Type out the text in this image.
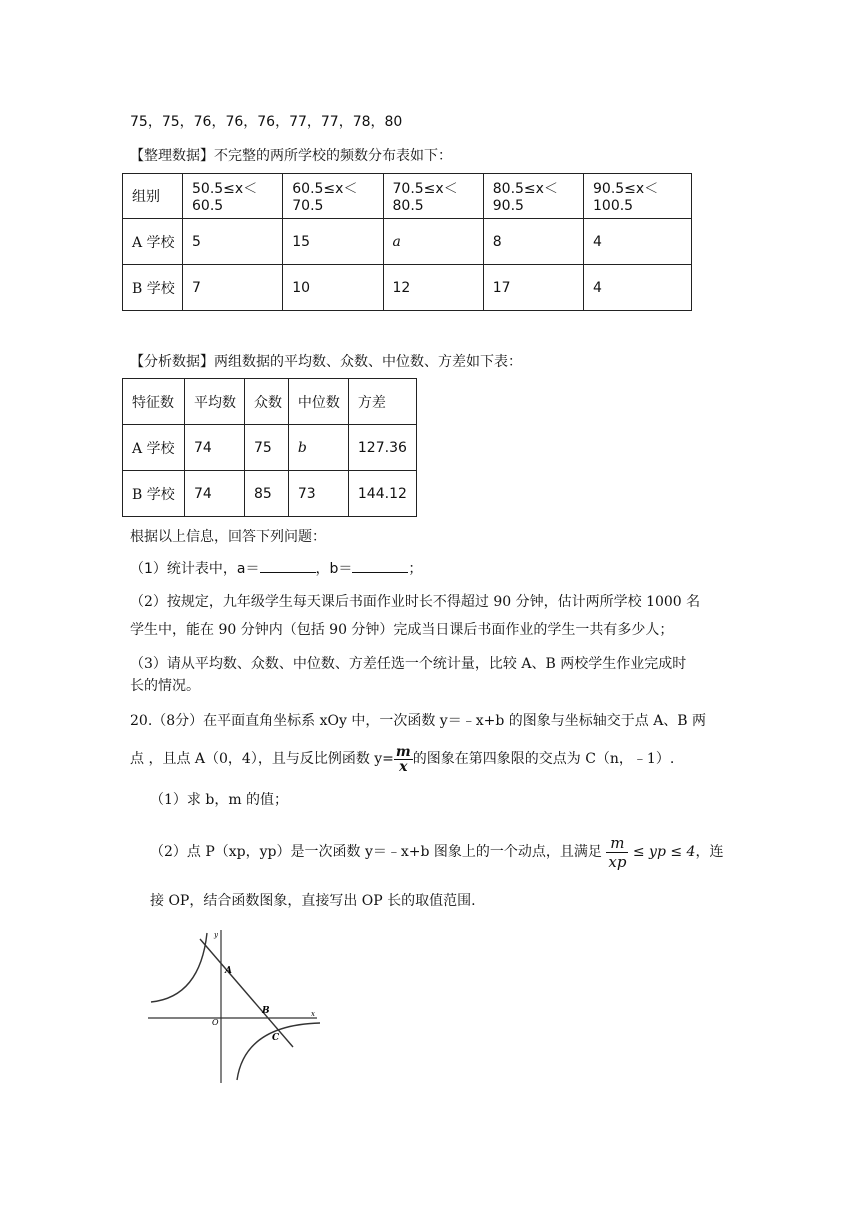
75，75，76，76，76，77，77，78，80
【整理数据】不完整的两所学校的频数分布表如下：
组别	50.5≤x＜60.5	60.5≤x＜70.5	70.5≤x＜80.5	80.5≤x＜90.5	90.5≤x＜100.5
A 学校	5	15	a	8	4
B 学校	7	10	12	17	4
【分析数据】两组数据的平均数、众数、中位数、方差如下表：
特征数	平均数	众数	中位数	方差
A 学校	74	75	b	127.36
B 学校	74	85	73	144.12
根据以上信息，回答下列问题：
（1）统计表中，a＝	，b＝	；
（2）按规定，九年级学生每天课后书面作业时长不得超过 90 分钟，估计两所学校 1000 名
学生中，能在 90 分钟内（包括 90 分钟）完成当日课后书面作业的学生一共有多少人；
（3）请从平均数、众数、中位数、方差任选一个统计量，比较 A、B 两校学生作业完成时
长的情况。
20.（8分）在平面直角坐标系 xOy 中，一次函数 y＝﹣x+b 的图象与坐标轴交于点 A、B 两
点 ，且点 A（0，4），且与反比例函数 $y= \frac{m}{x}$ 的图象在第四象限的交点为 C（n，﹣1）.
（1）求 b，m 的值；
（2）点 P（xp，yp）是一次函数 y＝﹣x+b 图象上的一个动点，且满足 $\frac{m}{xp}$ ≤ yp ≤ 4，连
接 OP，结合函数图象，直接写出 OP 长的取值范围.
y
x
O
A
B
C
